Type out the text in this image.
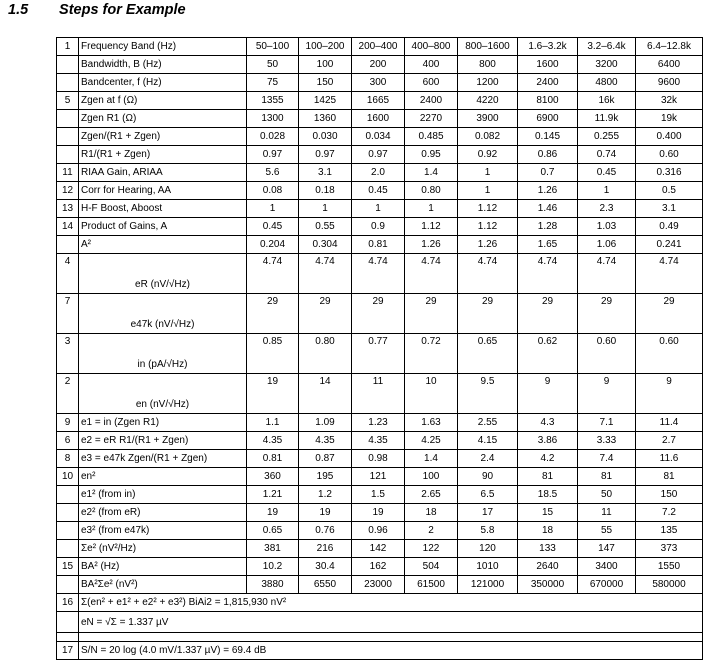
1.5 Steps for Example
1	Frequency Band (Hz)	50–100	100–200	200–400	400–800	800–1600	1.6–3.2k	3.2–6.4k	6.4–12.8k
	Bandwidth, B (Hz)	50	100	200	400	800	1600	3200	6400
	Bandcenter, f (Hz)	75	150	300	600	1200	2400	4800	9600
5	Zgen at f (Ω)	1355	1425	1665	2400	4220	8100	16k	32k
	Zgen R1 (Ω)	1300	1360	1600	2270	3900	6900	11.9k	19k
	Zgen/(R1 + Zgen)	0.028	0.030	0.034	0.485	0.082	0.145	0.255	0.400
	R1/(R1 + Zgen)	0.97	0.97	0.97	0.95	0.92	0.86	0.74	0.60
11	RIAA Gain, ARIAA	5.6	3.1	2.0	1.4	1	0.7	0.45	0.316
12	Corr for Hearing, AA	0.08	0.18	0.45	0.80	1	1.26	1	0.5
13	H-F Boost, Aboost	1	1	1	1	1.12	1.46	2.3	3.1
14	Product of Gains, A	0.45	0.55	0.9	1.12	1.12	1.28	1.03	0.49
	A²	0.204	0.304	0.81	1.26	1.26	1.65	1.06	0.241
4	eR (nV/√Hz)	4.74	4.74	4.74	4.74	4.74	4.74	4.74	4.74
7	e47k (nV/√Hz)	29	29	29	29	29	29	29	29
3	in (pA/√Hz)	0.85	0.80	0.77	0.72	0.65	0.62	0.60	0.60
2	en (nV/√Hz)	19	14	11	10	9.5	9	9	9
9	e1 = in (Zgen R1)	1.1	1.09	1.23	1.63	2.55	4.3	7.1	11.4
6	e2 = eR R1/(R1 + Zgen)	4.35	4.35	4.35	4.25	4.15	3.86	3.33	2.7
8	e3 = e47k Zgen/(R1 + Zgen)	0.81	0.87	0.98	1.4	2.4	4.2	7.4	11.6
10	en²	360	195	121	100	90	81	81	81
	e1² (from in)	1.21	1.2	1.5	2.65	6.5	18.5	50	150
	e2² (from eR)	19	19	19	18	17	15	11	7.2
	e3² (from e47k)	0.65	0.76	0.96	2	5.8	18	55	135
	Σe² (nV²/Hz)	381	216	142	122	120	133	147	373
15	BA² (Hz)	10.2	30.4	162	504	1010	2640	3400	1550
	BA²Σe² (nV²)	3880	6550	23000	61500	121000	350000	670000	580000
16	Σ(en² + e1² + e2² + e3²) BiAi2 = 1,815,930 nV²								
	eN = √Σ = 1.337 µV								

17	S/N = 20 log (4.0 mV/1.337 µV) = 69.4 dB								
